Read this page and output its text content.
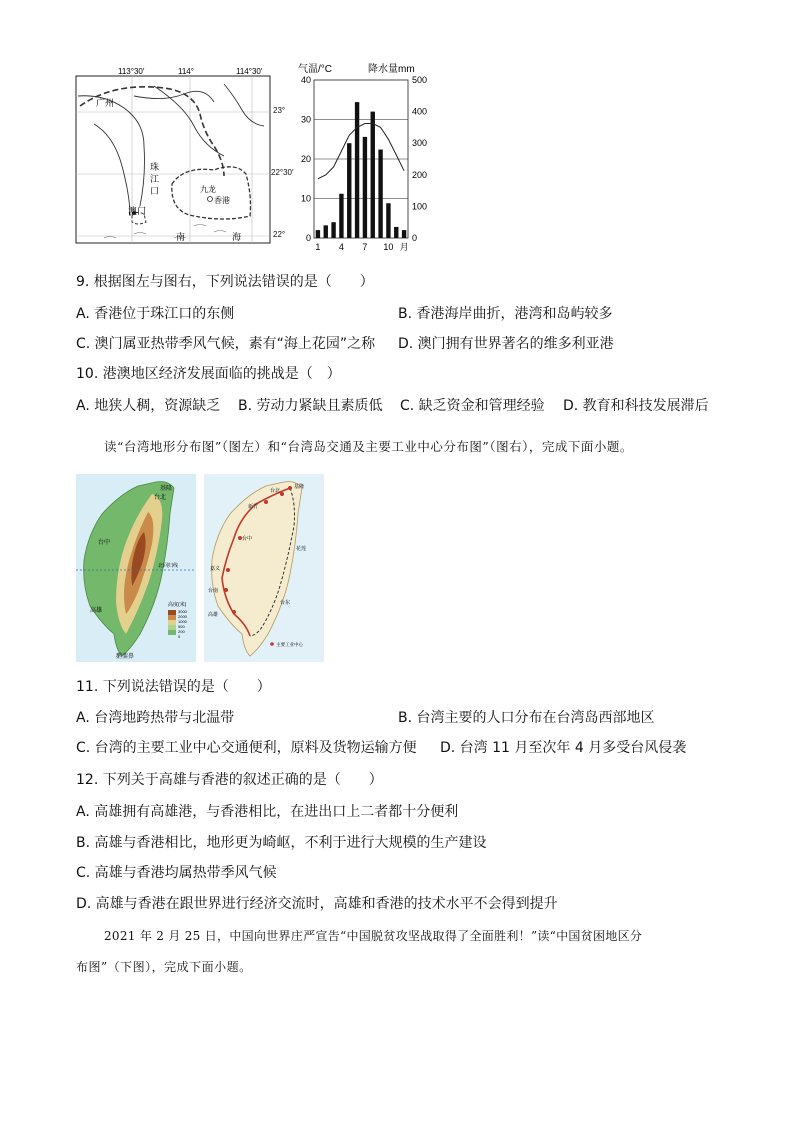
113°30′	114°	114°30′
广州
珠
江
口	九龙
香港
澳门
南	海
23°
22°30′
22°
气温/°C	降水量mm
40
30
20
10
0
500
400
300
200
100
0
1 4 7 10 月
9. 根据图左与图右，下列说法错误的是（　　）
A. 香港位于珠江口的东侧	B. 香港海岸曲折，港湾和岛屿较多
C. 澳门属亚热带季风气候，素有“海上花园”之称 D. 澳门拥有世界著名的维多利亚港
10. 港澳地区经济发展面临的挑战是（　）
A. 地狭人稠，资源缺乏 B. 劳动力紧缺且素质低 C. 缺乏资金和管理经验 D. 教育和科技发展滞后
读“台湾地形分布图”（图左）和“台湾岛交通及主要工业中心分布图”（图右），完成下面小题。
基隆
台北
台中
高雄
北回归线
鹅銮鼻
高度(米)
3000
2000
1000
500
200
0
基隆
台北
新竹
台中
嘉义
台南
高雄
花莲
台东
主要工业中心
11. 下列说法错误的是（　　）
A. 台湾地跨热带与北温带	B. 台湾主要的人口分布在台湾岛西部地区
C. 台湾的主要工业中心交通便利，原料及货物运输方便 D. 台湾 11 月至次年 4 月多受台风侵袭
12. 下列关于高雄与香港的叙述正确的是（　　）
A. 高雄拥有高雄港，与香港相比，在进出口上二者都十分便利
B. 高雄与香港相比，地形更为崎岖，不利于进行大规模的生产建设
C. 高雄与香港均属热带季风气候
D. 高雄与香港在跟世界进行经济交流时，高雄和香港的技术水平不会得到提升
2021 年 2 月 25 日，中国向世界庄严宣告“中国脱贫攻坚战取得了全面胜利！”读“中国贫困地区分
布图”（下图），完成下面小题。
